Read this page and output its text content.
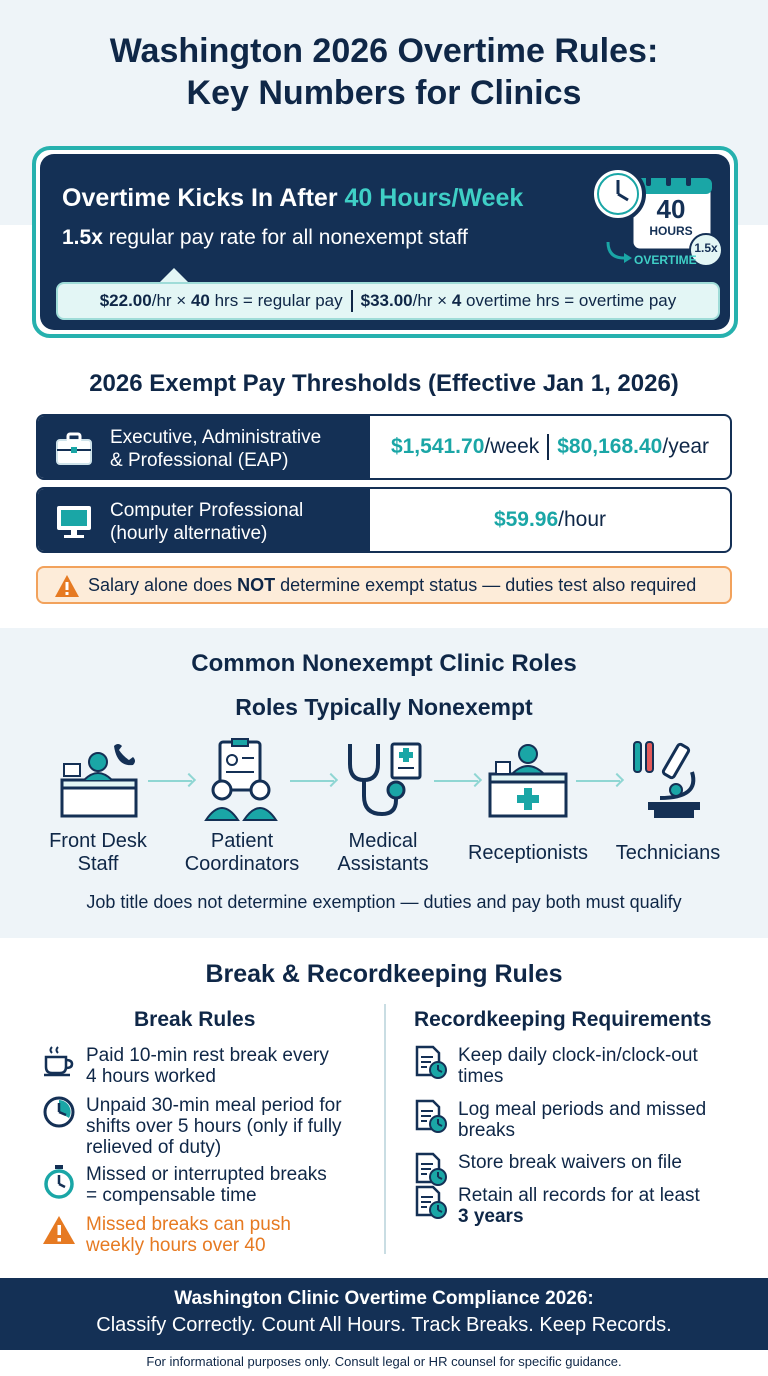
Washington 2026 Overtime Rules:
Key Numbers for Clinics
Overtime Kicks In After 40 Hours/Week
1.5x regular pay rate for all nonexempt staff
40
HOURS
1.5x
OVERTIME
$22.00/hr × 40 hrs = regular pay $33.00/hr × 4 overtime hrs = overtime pay
2026 Exempt Pay Thresholds (Effective Jan 1, 2026)
Executive, Administrative
& Professional (EAP)
$1,541.70/week $80,168.40/year
Computer Professional
(hourly alternative)
$59.96/hour
Salary alone does NOT determine exempt status — duties test also required
Common Nonexempt Clinic Roles
Roles Typically Nonexempt
Front Desk
Staff
Patient
Coordinators
Medical
Assistants	Receptionists	Technicians
Job title does not determine exemption — duties and pay both must qualify
Break & Recordkeeping Rules
Break Rules	Recordkeeping Requirements
Paid 10-min rest break every
4 hours worked
Unpaid 30-min meal period for
shifts over 5 hours (only if fully
relieved of duty)
Missed or interrupted breaks
= compensable time
Missed breaks can push
weekly hours over 40
Keep daily clock-in/clock-out
times
Log meal periods and missed
breaks
Store break waivers on file
Retain all records for at least
3 years
Washington Clinic Overtime Compliance 2026:
Classify Correctly. Count All Hours. Track Breaks. Keep Records.
For informational purposes only. Consult legal or HR counsel for specific guidance.
